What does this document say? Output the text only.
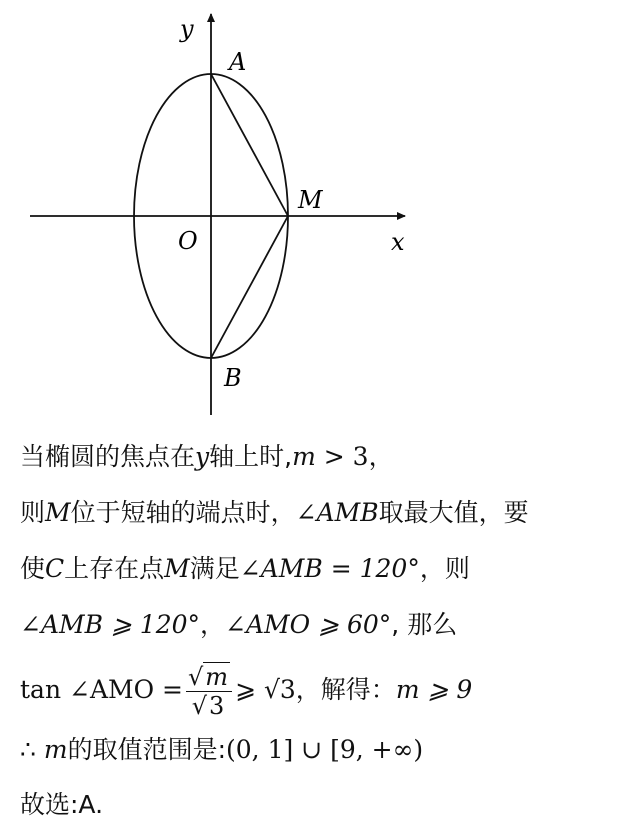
y
A
M
O	x
B
当椭圆的焦点在y轴上时,m > 3，
则M位于短轴的端点时，∠AMB取最大值，要
使C上存在点M满足∠AMB = 120°，则
∠AMB ⩾ 120°，∠AMO ⩾ 60°, 那么
tan ∠AMO = $\frac{√m}{√3}$ ⩾ √3，解得：m ⩾ 9
∴ m的取值范围是:(0, 1] ∪ [9, +∞)
故选:A.
